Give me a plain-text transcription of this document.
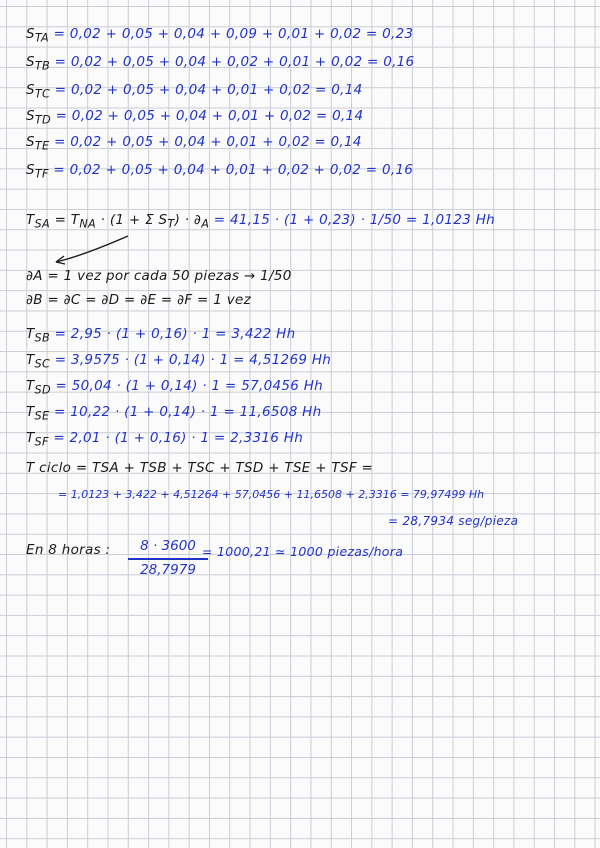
$S_{TA} = 0,02 + 0,05 + 0,04 + 0,09 + 0,01 + 0,02 = 0,23$
$S_{TB} = 0,02 + 0,05 + 0,04 + 0,02 + 0,01 + 0,02 = 0,16$
$S_{TC} = 0,02 + 0,05 + 0,04 + 0,01 + 0,02 = 0,14$
$S_{TD} = 0,02 + 0,05 + 0,04 + 0,01 + 0,02 = 0,14$
$S_{TE} = 0,02 + 0,05 + 0,04 + 0,01 + 0,02 = 0,14$
$S_{TF} = 0,02 + 0,05 + 0,04 + 0,01 + 0,02 + 0,02 = 0,16$
$T_{SA} = T_{NA} \cdot (1 + \Sigma$ $S_T) \cdot \partial_A = 41,15 \cdot (1 + 0,23) \cdot 1/50 = 1,0123$ Hh
∂A = 1 vez por cada 50 piezas → 1/50
∂B = ∂C = ∂D = ∂E = ∂F = 1 vez
$T_{SB} = 2,95 \cdot (1 + 0,16) \cdot 1 = 3,422$ Hh
$T_{SC} = 3,9575 \cdot (1 + 0,14) \cdot 1 = 4,51269$ Hh
$T_{SD} = 50,04 \cdot (1 + 0,14) \cdot 1 = 57,0456$ Hh
$T_{SE} = 10,22 \cdot (1 + 0,14) \cdot 1 = 11,6508$ Hh
$T_{SF} = 2,01 \cdot (1 + 0,16) \cdot 1 = 2,3316$ Hh
T ciclo = TSA + TSB + TSC + TSD + TSE + TSF =
= 1,0123 + 3,422 + 4,51264 + 57,0456 + 11,6508 + 2,3316 = 79,97499 Hh
= 28,7934 seg/pieza
En 8 horas :	8 · 3600
28,7979
= 1000,21 ≃ 1000 piezas/hora
